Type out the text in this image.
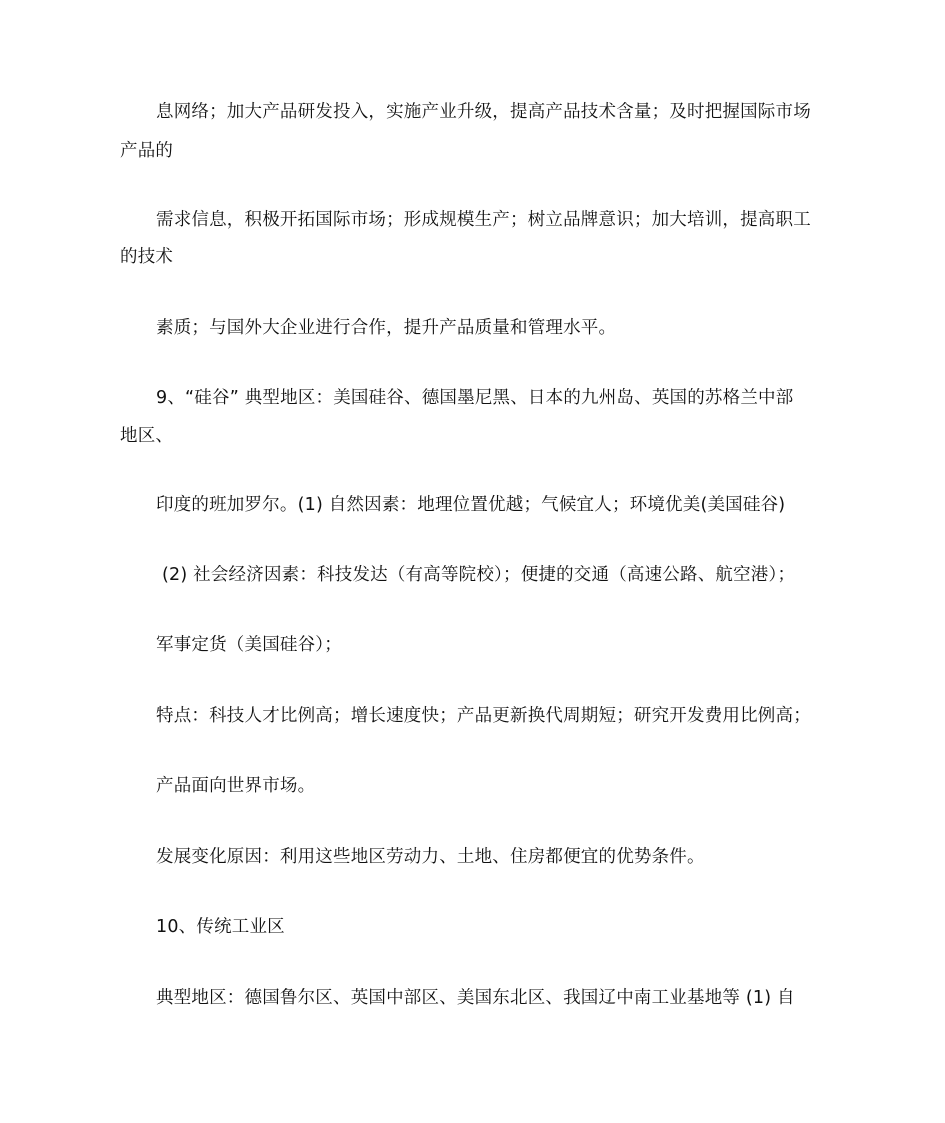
息网络；加大产品研发投入，实施产业升级，提高产品技术含量；及时把握国际市场
产品的
需求信息，积极开拓国际市场；形成规模生产；树立品牌意识；加大培训，提高职工
的技术
素质；与国外大企业进行合作，提升产品质量和管理水平。
9、“硅谷” 典型地区：美国硅谷、德国墨尼黑、日本的九州岛、英国的苏格兰中部
地区、
印度的班加罗尔。(1) 自然因素：地理位置优越；气候宜人；环境优美(美国硅谷)
(2) 社会经济因素：科技发达（有高等院校）；便捷的交通（高速公路、航空港）；
军事定货（美国硅谷）；
特点：科技人才比例高；增长速度快；产品更新换代周期短；研究开发费用比例高；
产品面向世界市场。
发展变化原因：利用这些地区劳动力、土地、住房都便宜的优势条件。
10、传统工业区
典型地区：德国鲁尔区、英国中部区、美国东北区、我国辽中南工业基地等 (1) 自
